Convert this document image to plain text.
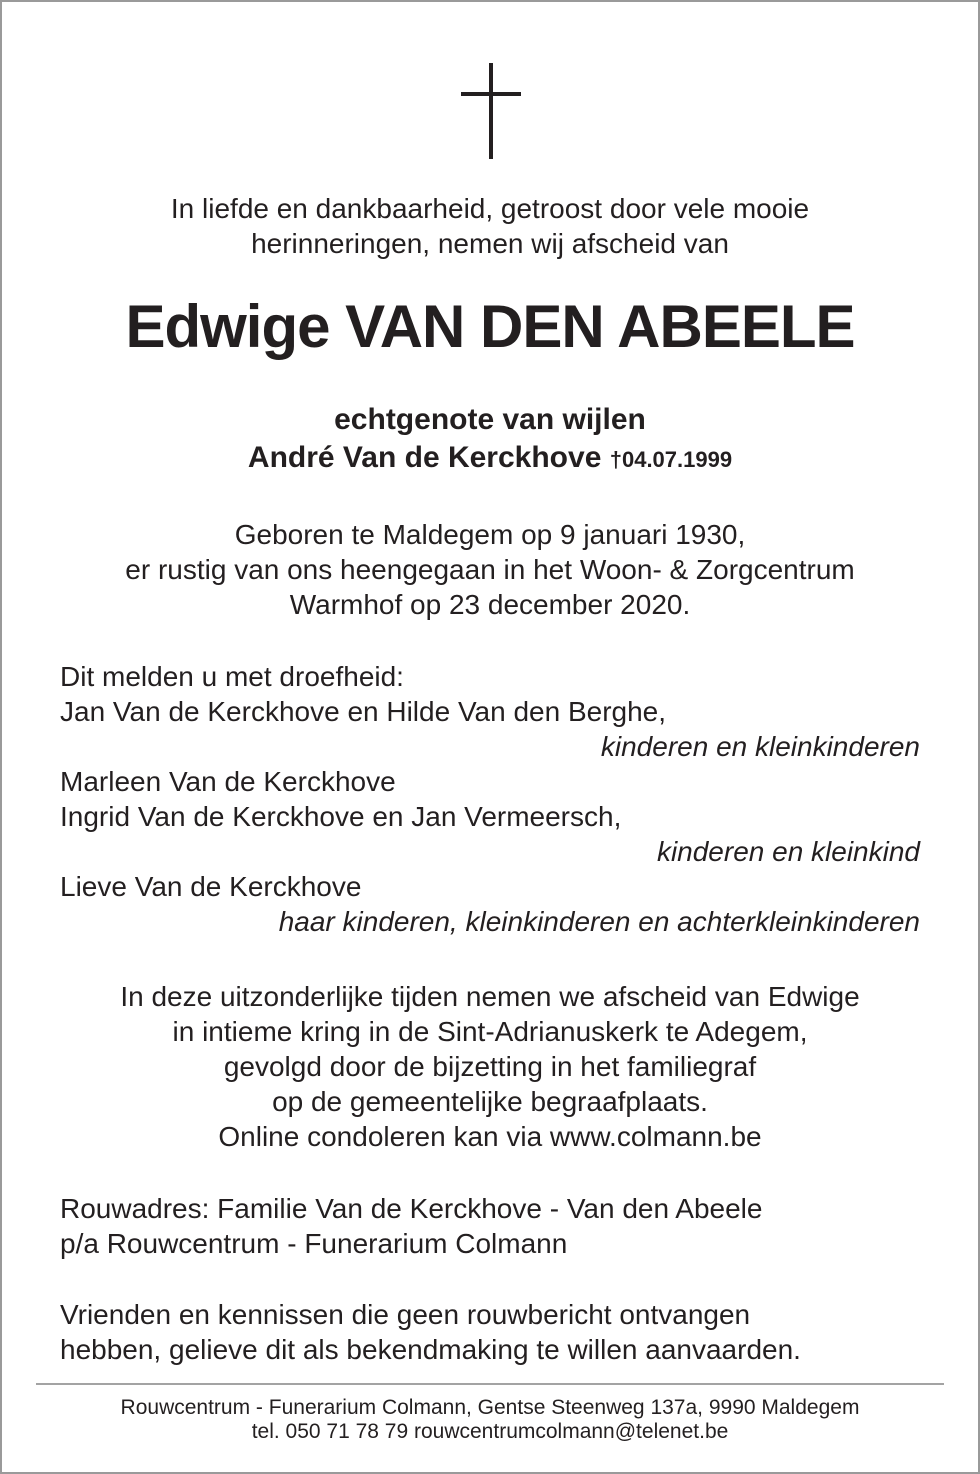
In liefde en dankbaarheid, getroost door vele mooie
herinneringen, nemen wij afscheid van
Edwige VAN DEN ABEELE
echtgenote van wijlen
André Van de Kerckhove †04.07.1999
Geboren te Maldegem op 9 januari 1930,
er rustig van ons heengegaan in het Woon- & Zorgcentrum
Warmhof op 23 december 2020.
Dit melden u met droefheid:
Jan Van de Kerckhove en Hilde Van den Berghe,
kinderen en kleinkinderen
Marleen Van de Kerckhove
Ingrid Van de Kerckhove en Jan Vermeersch,
kinderen en kleinkind
Lieve Van de Kerckhove
haar kinderen, kleinkinderen en achterkleinkinderen
In deze uitzonderlijke tijden nemen we afscheid van Edwige
in intieme kring in de Sint-Adrianuskerk te Adegem,
gevolgd door de bijzetting in het familiegraf
op de gemeentelijke begraafplaats.
Online condoleren kan via www.colmann.be
Rouwadres: Familie Van de Kerckhove - Van den Abeele
p/a Rouwcentrum - Funerarium Colmann
Vrienden en kennissen die geen rouwbericht ontvangen
hebben, gelieve dit als bekendmaking te willen aanvaarden.
Rouwcentrum - Funerarium Colmann, Gentse Steenweg 137a, 9990 Maldegem
tel. 050 71 78 79 rouwcentrumcolmann@telenet.be
